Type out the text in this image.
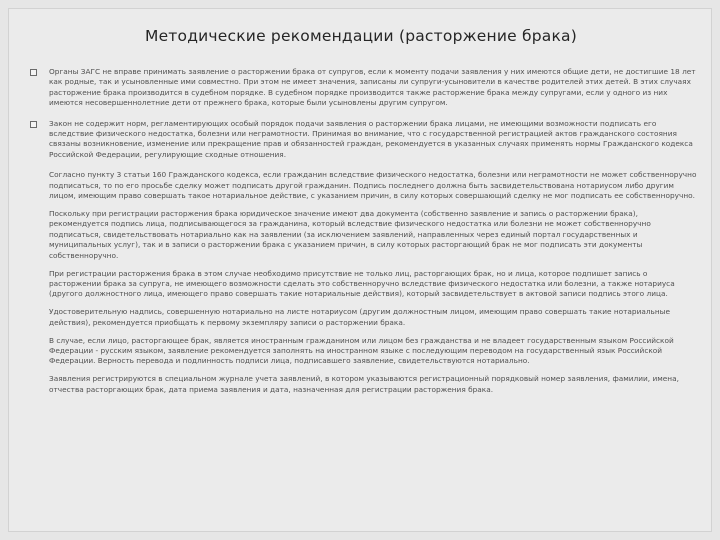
Методические рекомендации (расторжение брака)
Органы ЗАГС не вправе принимать заявление о расторжении брака от супругов, если к моменту подачи заявления у них имеются общие дети, не достигшие 18 лет как родные, так и усыновленные ими совместно. При этом не имеет значения, записаны ли супруги-усыновители в качестве родителей этих детей. В этих случаях расторжение брака производится в судебном порядке. В судебном порядке производится также расторжение брака между супругами, если у одного из них имеются несовершеннолетние дети от прежнего брака, которые были усыновлены другим супругом.
Закон не содержит норм, регламентирующих особый порядок подачи заявления о расторжении брака лицами, не имеющими возможности подписать его вследствие физического недостатка, болезни или неграмотности. Принимая во внимание, что с государственной регистрацией актов гражданского состояния связаны возникновение, изменение или прекращение прав и обязанностей граждан, рекомендуется в указанных случаях применять нормы Гражданского кодекса Российской Федерации, регулирующие сходные отношения.

Согласно пункту 3 статьи 160 Гражданского кодекса, если гражданин вследствие физического недостатка, болезни или неграмотности не может собственноручно подписаться, то по его просьбе сделку может подписать другой гражданин. Подпись последнего должна быть засвидетельствована нотариусом либо другим лицом, имеющим право совершать такое нотариальное действие, с указанием причин, в силу которых совершающий сделку не мог подписать ее собственноручно.

Поскольку при регистрации расторжения брака юридическое значение имеют два документа (собственно заявление и запись о расторжении брака), рекомендуется подпись лица, подписывающегося за гражданина, который вследствие физического недостатка или болезни не может собственноручно подписаться, свидетельствовать нотариально как на заявлении (за исключением заявлений, направленных через единый портал государственных и муниципальных услуг), так и в записи о расторжении брака с указанием причин, в силу которых расторгающий брак не мог подписать эти документы собственноручно.

При регистрации расторжения брака в этом случае необходимо присутствие не только лиц, расторгающих брак, но и лица, которое подпишет запись о расторжении брака за супруга, не имеющего возможности сделать это собственноручно вследствие физического недостатка или болезни, а также нотариуса (другого должностного лица, имеющего право совершать такие нотариальные действия), который засвидетельствует в актовой записи подпись этого лица.

Удостоверительную надпись, совершенную нотариально на листе нотариусом (другим должностным лицом, имеющим право совершать такие нотариальные действия), рекомендуется приобщать к первому экземпляру записи о расторжении брака.

В случае, если лицо, расторгающее брак, является иностранным гражданином или лицом без гражданства и не владеет государственным языком Российской Федерации - русским языком, заявление рекомендуется заполнять на иностранном языке с последующим переводом на государственный язык Российской Федерации. Верность перевода и подлинность подписи лица, подписавшего заявление, свидетельствуются нотариально.

Заявления регистрируются в специальном журнале учета заявлений, в котором указываются регистрационный порядковый номер заявления, фамилии, имена, отчества расторгающих брак, дата приема заявления и дата, назначенная для регистрации расторжения брака.
